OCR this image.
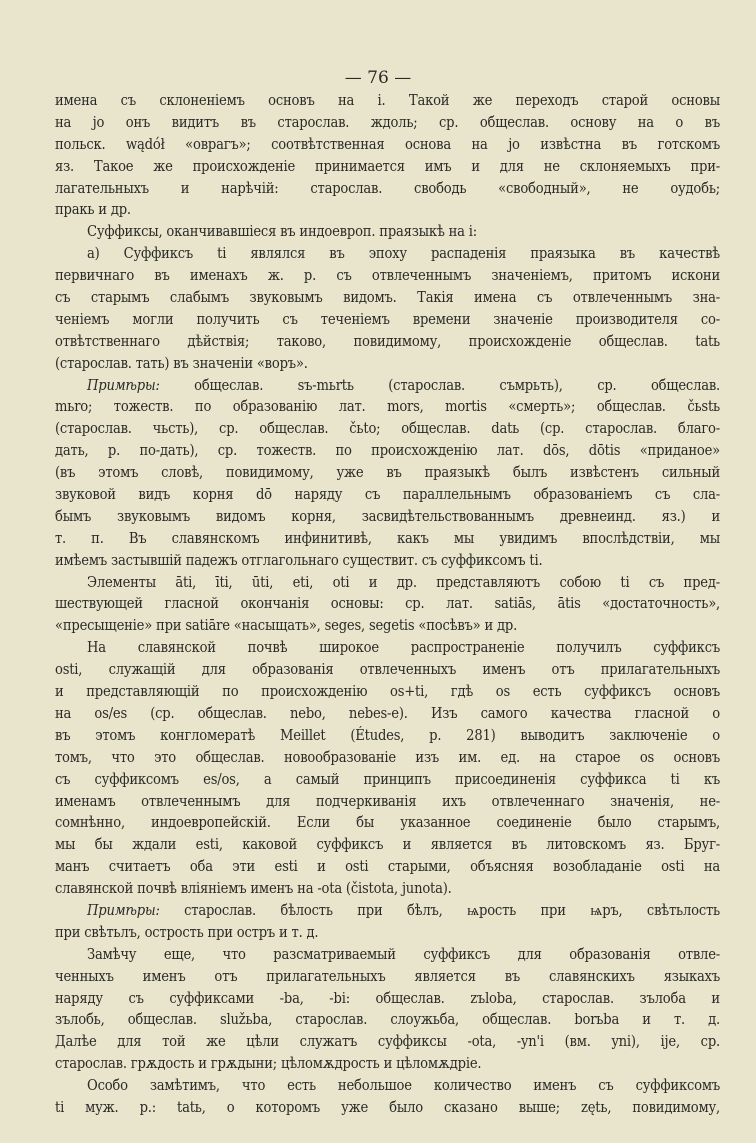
— 76 —
имена съ склоненіемъ основъ на i. Такой же переходъ старой основы
на jo онъ видитъ въ старослав. ждоль; ср. общеслав. основу на o въ
польск. wądół «оврагъ»; соотвѣтственная основа на jo извѣстна въ готскомъ
яз. Такое же происхожденіе принимается имъ и для не склоняемыхъ при-
лагательныхъ и нарѣчій: старослав. свободь «свободный», не оудобь;
пракь и др.
Суффиксы, оканчивавшіеся въ индоевроп. праязыкѣ на i:
а) Суффиксъ ti являлся въ эпоху распаденія праязыка въ качествѣ
первичнаго въ именахъ ж. р. съ отвлеченнымъ значеніемъ, притомъ искони
съ старымъ слабымъ звуковымъ видомъ. Такія имена съ отвлеченнымъ зна-
ченіемъ могли получить съ теченіемъ времени значеніе производителя со-
отвѣтственнаго дѣйствія; таково, повидимому, происхожденіе общеслав. tatь
(старослав. тать) въ значеніи «воръ».
Примѣры: общеслав. sъ-mьrtь (старослав. съмрьть), ср. общеслав.
mьro; тожеств. по образованію лат. mors, mortis «смерть»; общеслав. čьstь
(старослав. чьсть), ср. общеслав. čьto; общеслав. datь (ср. старослав. благо-
дать, р. по-дать), ср. тожеств. по происхожденію лат. dōs, dōtis «приданое»
(въ этомъ словѣ, повидимому, уже въ праязыкѣ былъ извѣстенъ сильный
звуковой видъ корня dō наряду съ параллельнымъ образованіемъ съ сла-
бымъ звуковымъ видомъ корня, засвидѣтельствованнымъ древнеинд. яз.) и
т. п. Въ славянскомъ инфинитивѣ, какъ мы увидимъ впослѣдствіи, мы
имѣемъ застывшій падежъ отглагольнаго существит. съ суффиксомъ ti.
Элементы āti, īti, ūti, eti, oti и др. представляютъ собою ti съ пред-
шествующей гласной окончанія основы: ср. лат. satiās, ātis «достаточность»,
«пресыщеніе» при satiāre «насыщать», seges, segetis «посѣвъ» и др.
На славянской почвѣ широкое распространеніе получилъ суффиксъ
osti, служащій для образованія отвлеченныхъ именъ отъ прилагательныхъ
и представляющій по происхожденію os+ti, гдѣ os есть суффиксъ основъ
на os/es (ср. общеслав. nebo, nebes-e). Изъ самого качества гласной o
въ этомъ конгломератѣ Meillet (Études, p. 281) выводитъ заключеніе o
томъ, что это общеслав. новообразованіе изъ им. ед. на старое os основъ
съ суффиксомъ es/os, а самый принципъ присоединенія суффикса ti къ
именамъ отвлеченнымъ для подчеркиванія ихъ отвлеченнаго значенія, не-
сомнѣнно, индоевропейскій. Если бы указанное соединеніе было старымъ,
мы бы ждали esti, каковой суффиксъ и является въ литовскомъ яз. Бруг-
манъ считаетъ оба эти esti и osti старыми, объясняя возобладаніе osti на
славянской почвѣ вліяніемъ именъ на -ota (čistota, junota).
Примѣры: старослав. бѣлость при бѣлъ, ѩрость при ѩръ, свѣтьлость
при свѣтьлъ, острость при остръ и т. д.
Замѣчу еще, что разсматриваемый суффиксъ для образованія отвле-
ченныхъ именъ отъ прилагательныхъ является въ славянскихъ языкахъ
наряду съ суффиксами -ba, -bi: общеслав. zъloba, старослав. зълоба и
зълобь, общеслав. služьba, старослав. слоужьба, общеслав. borьba и т. д.
Далѣе для той же цѣли служатъ суффиксы -ota, -yn'i (вм. yni), ije, ср.
старослав. грѫдость и грѫдыни; цѣломѫдрость и цѣломѫдріе.
Особо замѣтимъ, что есть небольшое количество именъ съ суффиксомъ
ti муж. р.: tatь, о которомъ уже было сказано выше; zętь, повидимому,
